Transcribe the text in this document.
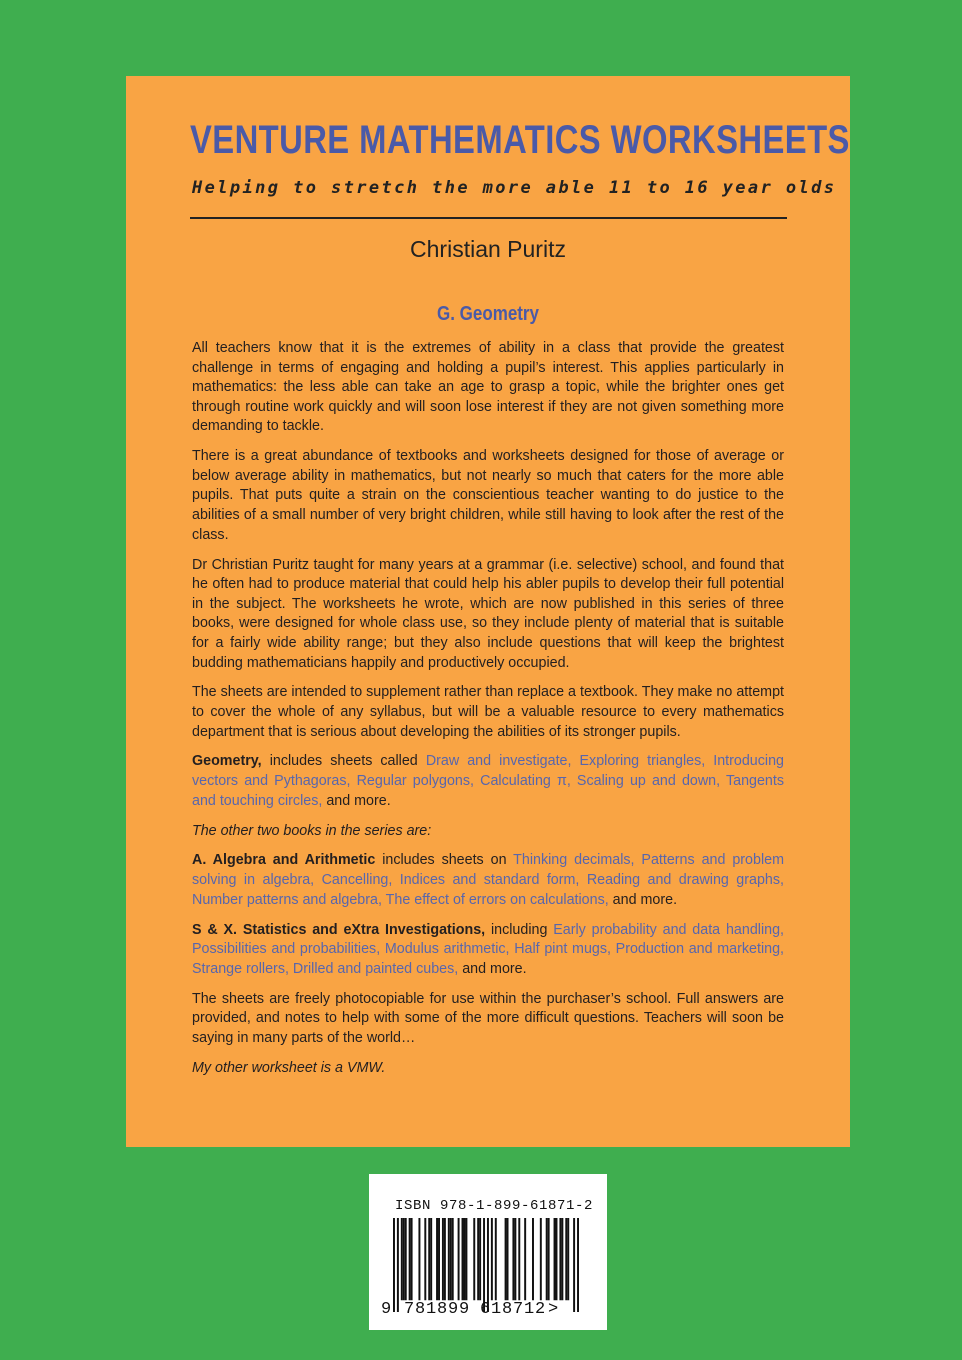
VENTURE MATHEMATICS WORKSHEETS
Helping to stretch the more able 11 to 16 year olds
Christian Puritz
G. Geometry

All teachers know that it is the extremes of ability in a class that provide the greatest challenge in terms of engaging and holding a pupil’s interest. This applies particularly in mathematics: the less able can take an age to grasp a topic, while the brighter ones get through routine work quickly and will soon lose interest if they are not given something more demanding to tackle.

There is a great abundance of textbooks and worksheets designed for those of average or below average ability in mathematics, but not nearly so much that caters for the more able pupils. That puts quite a strain on the conscientious teacher wanting to do justice to the abilities of a small number of very bright children, while still having to look after the rest of the class.

Dr Christian Puritz taught for many years at a grammar (i.e. selective) school, and found that he often had to produce material that could help his abler pupils to develop their full potential in the subject. The worksheets he wrote, which are now published in this series of three books, were designed for whole class use, so they include plenty of material that is suitable for a fairly wide ability range; but they also include questions that will keep the brightest budding mathematicians happily and productively occupied.

The sheets are intended to supplement rather than replace a textbook. They make no attempt to cover the whole of any syllabus, but will be a valuable resource to every mathematics department that is serious about developing the abilities of its stronger pupils.

Geometry, includes sheets called Draw and investigate, Exploring triangles, Introducing vectors and Pythagoras, Regular polygons, Calculating π, Scaling up and down, Tangents and touching circles, and more.

The other two books in the series are:

A. Algebra and Arithmetic includes sheets on Thinking decimals, Patterns and problem solving in algebra, Cancelling, Indices and standard form, Reading and drawing graphs, Number patterns and algebra, The effect of errors on calculations, and more.

S & X. Statistics and eXtra Investigations, including Early probability and data handling, Possibilities and probabilities, Modulus arithmetic, Half pint mugs, Production and marketing, Strange rollers, Drilled and painted cubes, and more.

The sheets are freely photocopiable for use within the purchaser’s school. Full answers are provided, and notes to help with some of the more difficult questions. Teachers will soon be saying in many parts of the world…

My other worksheet is a VMW.

ISBN 978-1-899-61871-2
9 781899 618712 >
